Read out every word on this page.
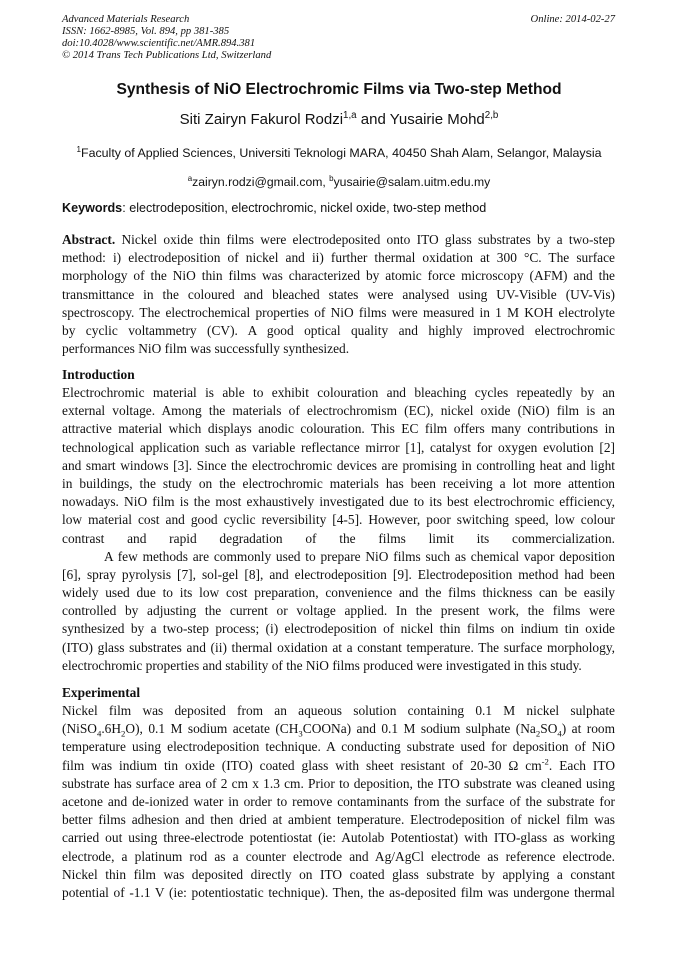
Advanced Materials Research
ISSN: 1662-8985, Vol. 894, pp 381-385
doi:10.4028/www.scientific.net/AMR.894.381
© 2014 Trans Tech Publications Ltd, Switzerland
Online: 2014-02-27
Synthesis of NiO Electrochromic Films via Two-step Method
Siti Zairyn Fakurol Rodzi$^{1,a}$ and Yusairie Mohd$^{2,b}$
$^1$Faculty of Applied Sciences, Universiti Teknologi MARA, 40450 Shah Alam, Selangor, Malaysia
$^a$zairyn.rodzi@gmail.com, $^b$yusairie@salam.uitm.edu.my
Keywords: electrodeposition, electrochromic, nickel oxide, two-step method
Abstract. Nickel oxide thin films were electrodeposited onto ITO glass substrates by a two-step
method: i) electrodeposition of nickel and ii) further thermal oxidation at 300 °C. The surface
morphology of the NiO thin films was characterized by atomic force microscopy (AFM) and the
transmittance in the coloured and bleached states were analysed using UV-Visible (UV-Vis)
spectroscopy. The electrochemical properties of NiO films were measured in 1 M KOH electrolyte
by cyclic voltammetry (CV). A good optical quality and highly improved electrochromic
performances NiO film was successfully synthesized.
Introduction
Electrochromic material is able to exhibit colouration and bleaching cycles repeatedly by an
external voltage. Among the materials of electrochromism (EC), nickel oxide (NiO) film is an
attractive material which displays anodic colouration. This EC film offers many contributions in
technological application such as variable reflectance mirror [1], catalyst for oxygen evolution [2]
and smart windows [3]. Since the electrochromic devices are promising in controlling heat and light
in buildings, the study on the electrochromic materials has been receiving a lot more attention
nowadays. NiO film is the most exhaustively investigated due to its best electrochromic efficiency,
low material cost and good cyclic reversibility [4-5]. However, poor switching speed, low colour
contrast and rapid degradation of the films limit its commercialization.
A few methods are commonly used to prepare NiO films such as chemical vapor deposition
[6], spray pyrolysis [7], sol-gel [8], and electrodeposition [9]. Electrodeposition method had been
widely used due to its low cost preparation, convenience and the films thickness can be easily
controlled by adjusting the current or voltage applied. In the present work, the films were
synthesized by a two-step process; (i) electrodeposition of nickel thin films on indium tin oxide
(ITO) glass substrates and (ii) thermal oxidation at a constant temperature. The surface morphology,
electrochromic properties and stability of the NiO films produced were investigated in this study.
Experimental
Nickel film was deposited from an aqueous solution containing 0.1 M nickel sulphate
$(NiSO_4.6H_2O)$, 0.1 M sodium acetate $(CH_3COONa)$ and 0.1 M sodium sulphate $(Na_2SO_4)$ at room
temperature using electrodeposition technique. A conducting substrate used for deposition of NiO
film was indium tin oxide (ITO) coated glass with sheet resistant of 20-30 Ω $cm^{-2}$. Each ITO
substrate has surface area of 2 cm x 1.3 cm. Prior to deposition, the ITO substrate was cleaned using
acetone and de-ionized water in order to remove contaminants from the surface of the substrate for
better films adhesion and then dried at ambient temperature. Electrodeposition of nickel film was
carried out using three-electrode potentiostat (ie: Autolab Potentiostat) with ITO-glass as working
electrode, a platinum rod as a counter electrode and Ag/AgCl electrode as reference electrode.
Nickel thin film was deposited directly on ITO coated glass substrate by applying a constant
potential of -1.1 V (ie: potentiostatic technique). Then, the as-deposited film was undergone thermal
